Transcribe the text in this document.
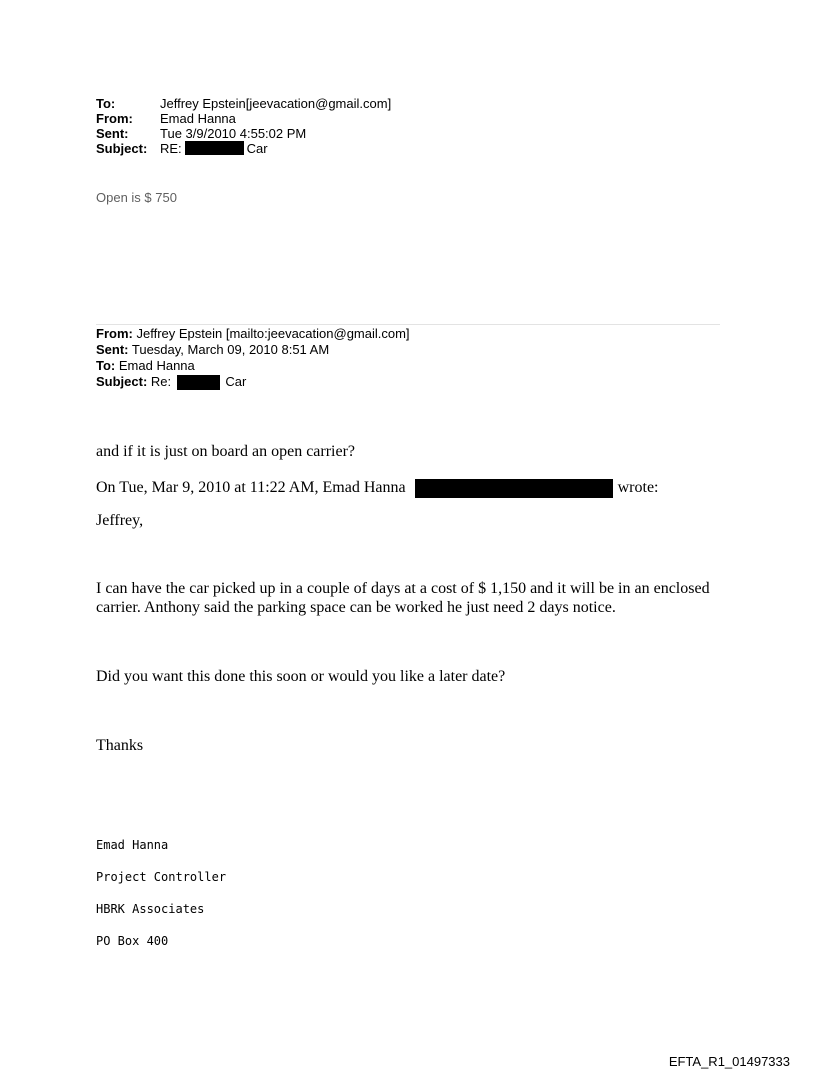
To:	Jeffrey Epstein[jeevacation@gmail.com]
From:	Emad Hanna
Sent:	Tue 3/9/2010 4:55:02 PM
Subject: RE:	Car
Open is $ 750
From: Jeffrey Epstein [mailto:jeevacation@gmail.com]
Sent: Tuesday, March 09, 2010 8:51 AM
To: Emad Hanna
Subject: Re:	Car
and if it is just on board an open carrier?
On Tue, Mar 9, 2010 at 11:22 AM, Emad Hanna	wrote:
Jeffrey,
I can have the car picked up in a couple of days at a cost of $ 1,150 and it will be in an enclosed
carrier. Anthony said the parking space can be worked he just need 2 days notice.
Did you want this done this soon or would you like a later date?
Thanks
Emad Hanna
Project Controller
HBRK Associates
PO Box 400
EFTA_R1_01497333
